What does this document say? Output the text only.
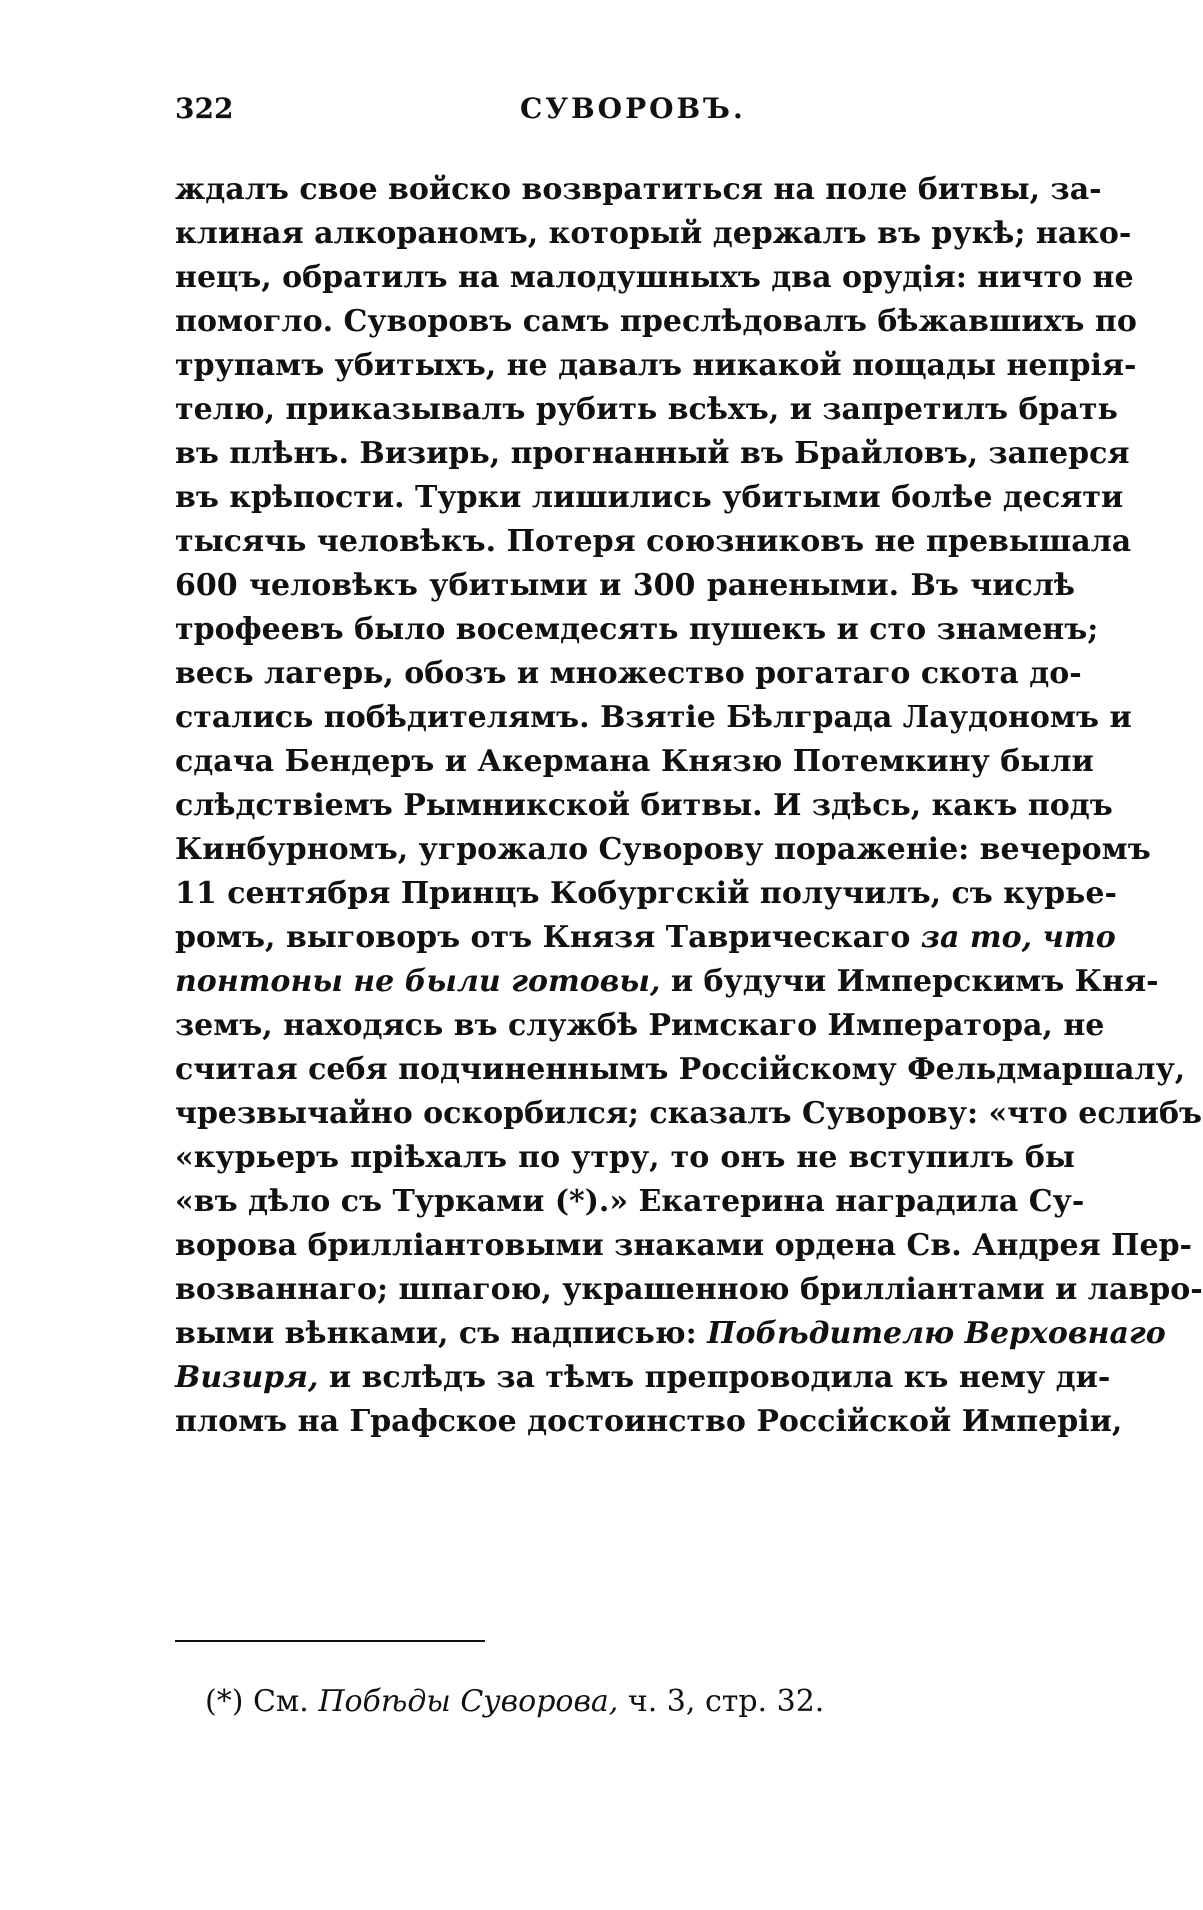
322	СУВОРОВЪ.
ждалъ свое войско возвратиться на поле битвы, за-
клиная алкораномъ, который держалъ въ рукѣ; нако-
нецъ, обратилъ на малодушныхъ два орудія: ничто не
помогло. Суворовъ самъ преслѣдовалъ бѣжавшихъ по
трупамъ убитыхъ, не давалъ никакой пощады непрія-
телю, приказывалъ рубить всѣхъ, и запретилъ брать
въ плѣнъ. Визирь, прогнанный въ Брайловъ, заперся
въ крѣпости. Турки лишились убитыми болѣе десяти
тысячь человѣкъ. Потеря союзниковъ не превышала
600 человѣкъ убитыми и 300 ранеными. Въ числѣ
трофеевъ было восемдесять пушекъ и сто знаменъ;
весь лагерь, обозъ и множество рогатаго скота до-
стались побѣдителямъ. Взятіе Бѣлграда Лаудономъ и
сдача Бендеръ и Акермана Князю Потемкину были
слѣдствіемъ Рымникской битвы. И здѣсь, какъ подъ
Кинбурномъ, угрожало Суворову пораженіе: вечеромъ
11 сентября Принцъ Кобургскій получилъ, съ курье-
ромъ, выговоръ отъ Князя Таврическаго за то, что
понтоны не были готовы, и будучи Имперскимъ Кня-
земъ, находясь въ службѣ Римскаго Императора, не
считая себя подчиненнымъ Россійскому Фельдмаршалу,
чрезвычайно оскорбился; сказалъ Суворову: «что еслибъ
«курьеръ пріѣхалъ по утру, то онъ не вступилъ бы
«въ дѣло съ Турками (*).» Екатерина наградила Су-
ворова брилліантовыми знаками ордена Св. Андрея Пер-
возваннаго; шпагою, украшенною брилліантами и лавро-
выми вѣнками, съ надписью: Побѣдителю Верховнаго
Визиря, и вслѣдъ за тѣмъ препроводила къ нему ди-
пломъ на Графское достоинство Россійской Имперіи,
(*) См. Побѣды Суворова, ч. 3, стр. 32.
